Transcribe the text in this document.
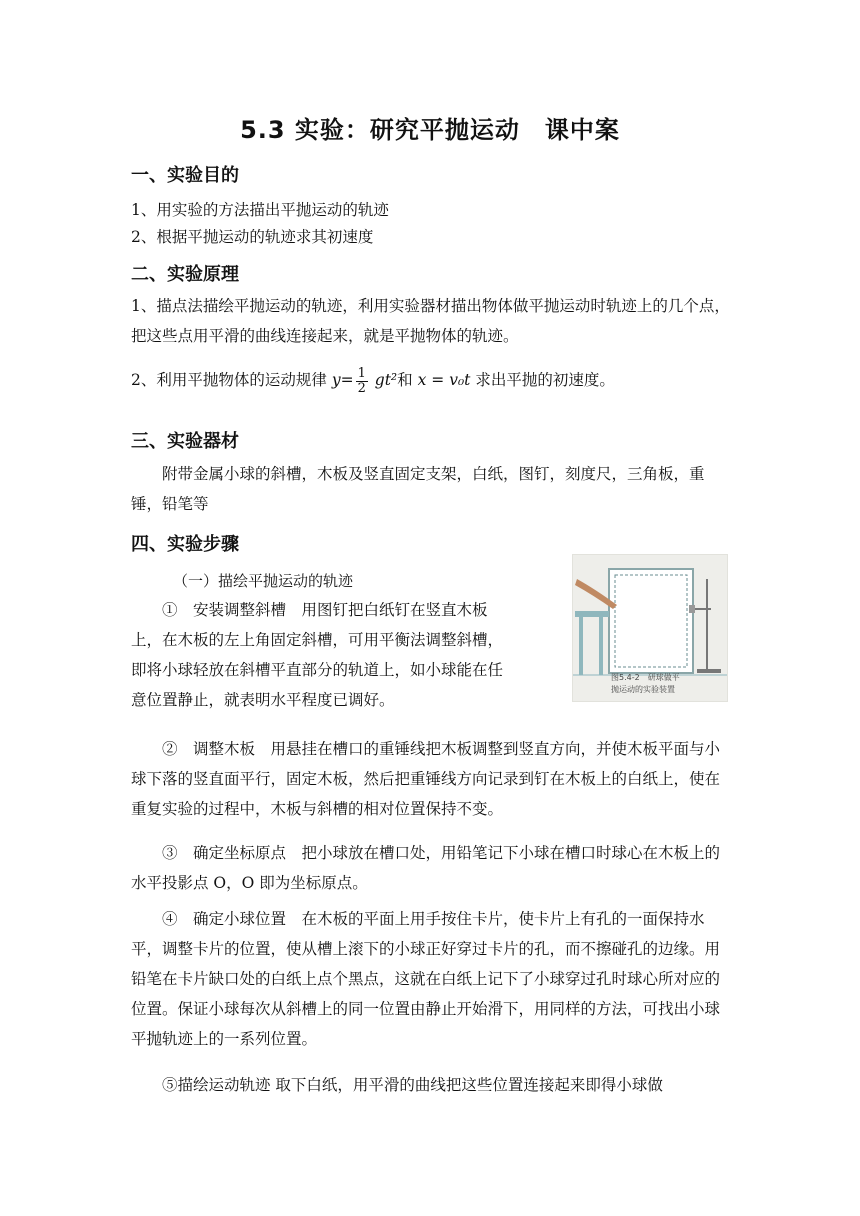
5.3 实验：研究平抛运动　课中案
一、实验目的
1、用实验的方法描出平抛运动的轨迹
2、根据平抛运动的轨迹求其初速度
二、实验原理
1、描点法描绘平抛运动的轨迹，利用实验器材描出物体做平抛运动时轨迹上的几个点，把这些点用平滑的曲线连接起来，就是平抛物体的轨迹。
2、利用平抛物体的运动规律 $y= \frac{1}{2} gt^2$和 x = v₀t 求出平抛的初速度。
三、实验器材
附带金属小球的斜槽，木板及竖直固定支架，白纸，图钉，刻度尺，三角板，重锤，铅笔等
四、实验步骤
（一）描绘平抛运动的轨迹
图5.4-2　研球做平
抛运动的实验装置
①　安装调整斜槽　用图钉把白纸钉在竖直木板
上，在木板的左上角固定斜槽，可用平衡法调整斜槽，
即将小球轻放在斜槽平直部分的轨道上，如小球能在任
意位置静止，就表明水平程度已调好。
②　调整木板　用悬挂在槽口的重锤线把木板调整到竖直方向，并使木板平面与小球下落的竖直面平行，固定木板，然后把重锤线方向记录到钉在木板上的白纸上，使在重复实验的过程中，木板与斜槽的相对位置保持不变。
③　确定坐标原点　把小球放在槽口处，用铅笔记下小球在槽口时球心在木板上的水平投影点 O，O 即为坐标原点。
④　确定小球位置　在木板的平面上用手按住卡片，使卡片上有孔的一面保持水平，调整卡片的位置，使从槽上滚下的小球正好穿过卡片的孔，而不擦碰孔的边缘。用铅笔在卡片缺口处的白纸上点个黑点，这就在白纸上记下了小球穿过孔时球心所对应的位置。保证小球每次从斜槽上的同一位置由静止开始滑下，用同样的方法，可找出小球平抛轨迹上的一系列位置。
⑤描绘运动轨迹 取下白纸，用平滑的曲线把这些位置连接起来即得小球做
